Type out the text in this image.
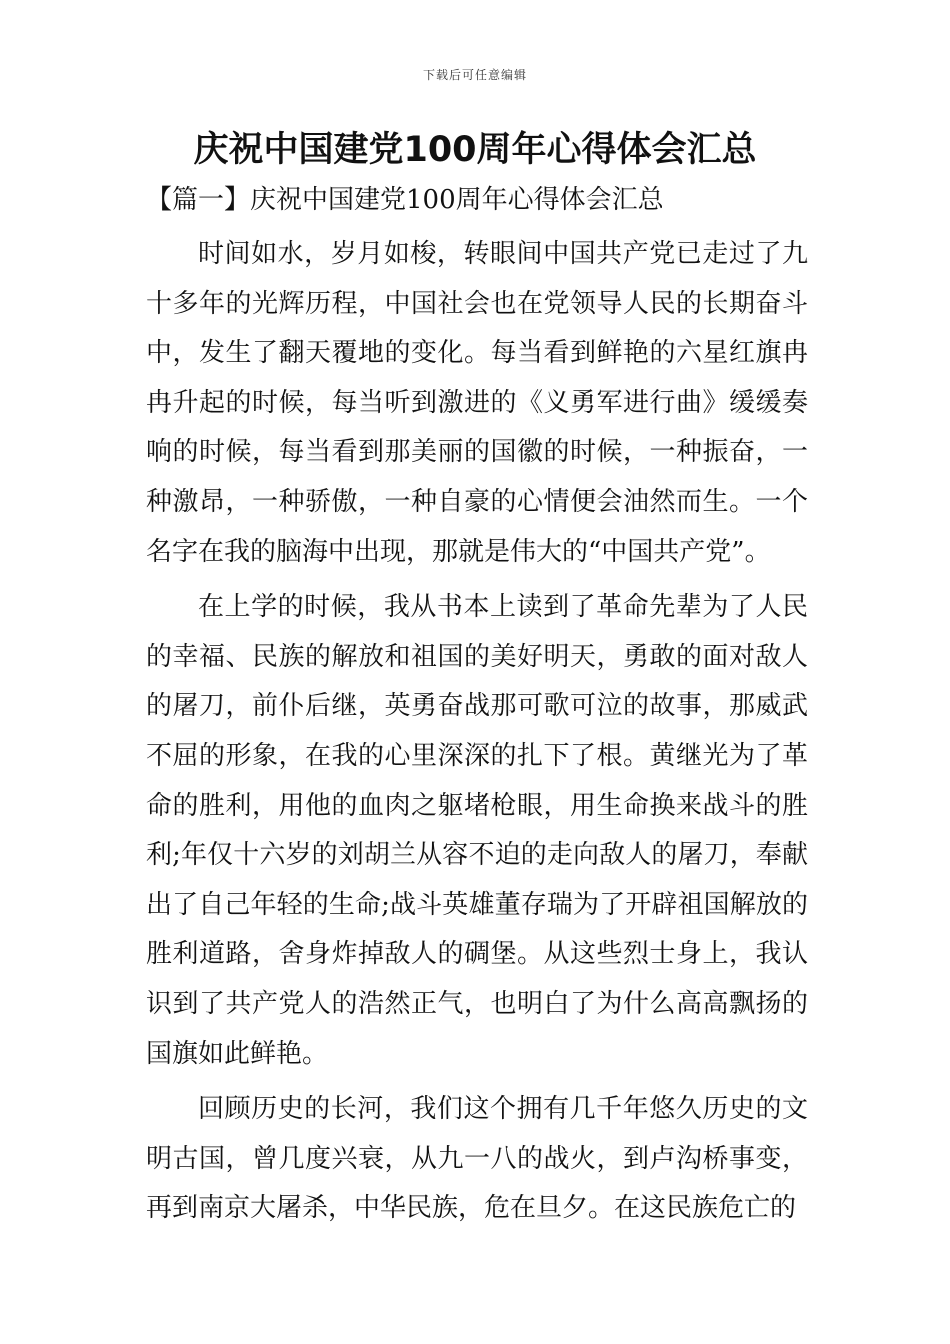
下载后可任意编辑
庆祝中国建党100周年心得体会汇总
【篇一】庆祝中国建党100周年心得体会汇总

时间如水，岁月如梭，转眼间中国共产党已走过了九十多年的光辉历程，中国社会也在党领导人民的长期奋斗中，发生了翻天覆地的变化。每当看到鲜艳的六星红旗冉冉升起的时候，每当听到激进的《义勇军进行曲》缓缓奏响的时候，每当看到那美丽的国徽的时候，一种振奋，一种激昂，一种骄傲，一种自豪的心情便会油然而生。一个名字在我的脑海中出现，那就是伟大的“中国共产党”。

在上学的时候，我从书本上读到了革命先辈为了人民的幸福、民族的解放和祖国的美好明天，勇敢的面对敌人的屠刀，前仆后继，英勇奋战那可歌可泣的故事，那威武不屈的形象，在我的心里深深的扎下了根。黄继光为了革命的胜利，用他的血肉之躯堵枪眼，用生命换来战斗的胜利;年仅十六岁的刘胡兰从容不迫的走向敌人的屠刀，奉献出了自己年轻的生命;战斗英雄董存瑞为了开辟祖国解放的胜利道路，舍身炸掉敌人的碉堡。从这些烈士身上，我认识到了共产党人的浩然正气，也明白了为什么高高飘扬的国旗如此鲜艳。

回顾历史的长河，我们这个拥有几千年悠久历史的文明古国，曾几度兴衰，从九一八的战火，到卢沟桥事变，再到南京大屠杀，中华民族，危在旦夕。在这民族危亡的
